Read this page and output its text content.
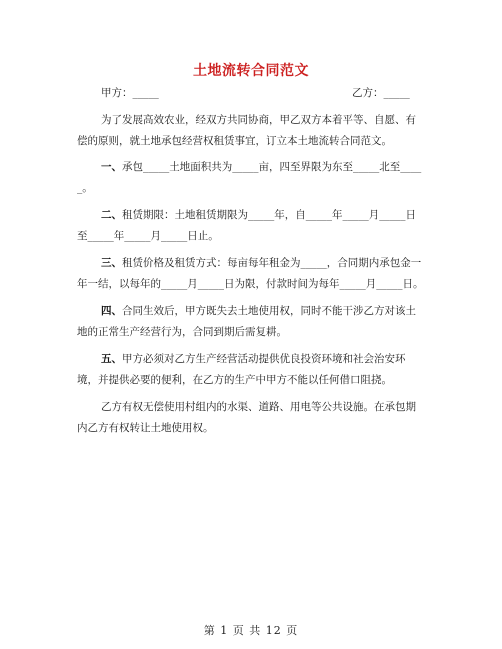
土地流转合同范文
甲方：_____	乙方：_____

为了发展高效农业，经双方共同协商，甲乙双方本着平等、自愿、有偿的原则，就土地承包经营权租赁事宜，订立本土地流转合同范文。

一、承包_____土地面积共为_____亩，四至界限为东至_____北至_____。

二、租赁期限：土地租赁期限为_____年，自_____年_____月_____日至_____年_____月_____日止。

三、租赁价格及租赁方式：每亩每年租金为_____，合同期内承包金一年一结，以每年的_____月_____日为限，付款时间为每年_____月_____日。

四、合同生效后，甲方既失去土地使用权，同时不能干涉乙方对该土地的正常生产经营行为，合同到期后需复耕。

五、甲方必须对乙方生产经营活动提供优良投资环境和社会治安环境，并提供必要的便利，在乙方的生产中甲方不能以任何借口阻挠。

乙方有权无偿使用村组内的水渠、道路、用电等公共设施。在承包期内乙方有权转让土地使用权。

第 1 页 共 12 页
